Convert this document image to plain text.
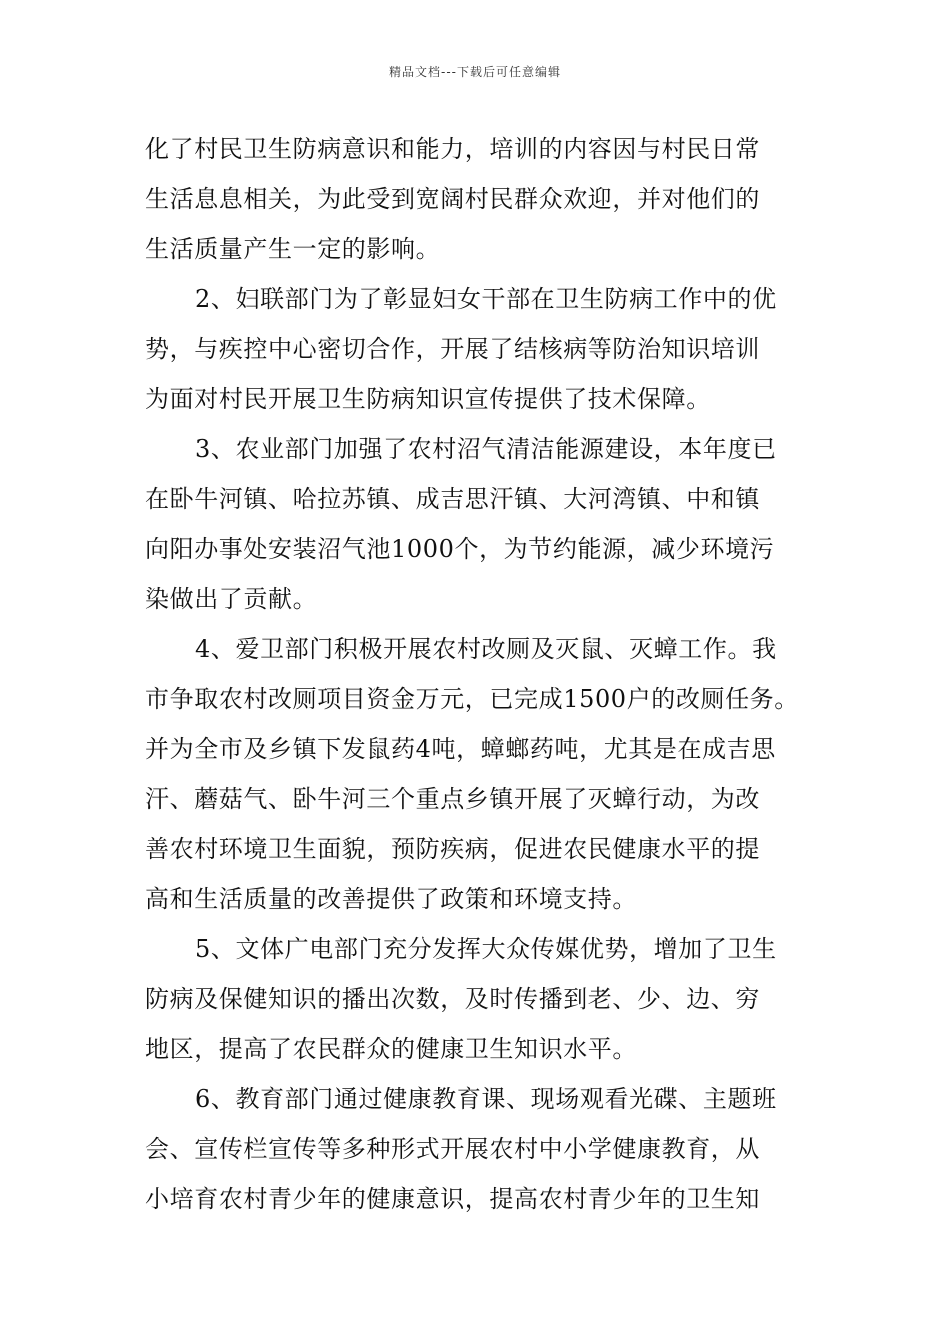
精品文档---下载后可任意编辑
化了村民卫生防病意识和能力，培训的内容因与村民日常
生活息息相关，为此受到宽阔村民群众欢迎，并对他们的
生活质量产生一定的影响。
2、妇联部门为了彰显妇女干部在卫生防病工作中的优
势，与疾控中心密切合作，开展了结核病等防治知识培训
为面对村民开展卫生防病知识宣传提供了技术保障。
3、农业部门加强了农村沼气清洁能源建设，本年度已
在卧牛河镇、哈拉苏镇、成吉思汗镇、大河湾镇、中和镇
向阳办事处安装沼气池1000个，为节约能源，减少环境污
染做出了贡献。
4、爱卫部门积极开展农村改厕及灭鼠、灭蟑工作。我
市争取农村改厕项目资金万元，已完成1500户的改厕任务。
并为全市及乡镇下发鼠药4吨，蟑螂药吨，尤其是在成吉思
汗、蘑菇气、卧牛河三个重点乡镇开展了灭蟑行动，为改
善农村环境卫生面貌，预防疾病，促进农民健康水平的提
高和生活质量的改善提供了政策和环境支持。
5、文体广电部门充分发挥大众传媒优势，增加了卫生
防病及保健知识的播出次数，及时传播到老、少、边、穷
地区，提高了农民群众的健康卫生知识水平。
6、教育部门通过健康教育课、现场观看光碟、主题班
会、宣传栏宣传等多种形式开展农村中小学健康教育，从
小培育农村青少年的健康意识，提高农村青少年的卫生知
